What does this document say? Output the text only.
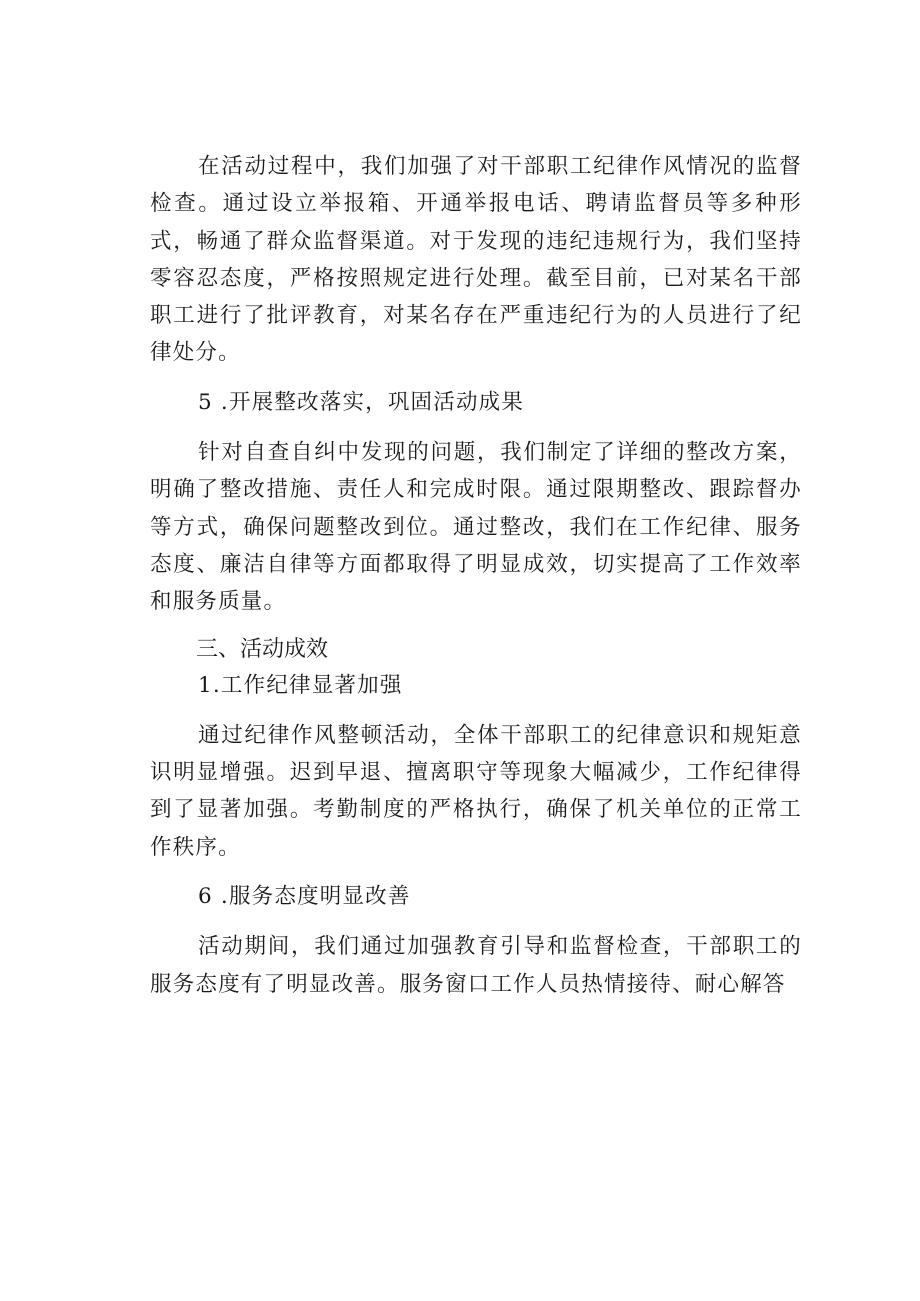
在活动过程中，我们加强了对干部职工纪律作风情况的监督检查。通过设立举报箱、开通举报电话、聘请监督员等多种形式，畅通了群众监督渠道。对于发现的违纪违规行为，我们坚持零容忍态度，严格按照规定进行处理。截至目前，已对某名干部职工进行了批评教育，对某名存在严重违纪行为的人员进行了纪律处分。

5 .开展整改落实，巩固活动成果

针对自查自纠中发现的问题，我们制定了详细的整改方案，明确了整改措施、责任人和完成时限。通过限期整改、跟踪督办等方式，确保问题整改到位。通过整改，我们在工作纪律、服务态度、廉洁自律等方面都取得了明显成效，切实提高了工作效率和服务质量。

三、活动成效

1.工作纪律显著加强

通过纪律作风整顿活动，全体干部职工的纪律意识和规矩意识明显增强。迟到早退、擅离职守等现象大幅减少，工作纪律得到了显著加强。考勤制度的严格执行，确保了机关单位的正常工作秩序。

6 .服务态度明显改善

活动期间，我们通过加强教育引导和监督检查，干部职工的服务态度有了明显改善。服务窗口工作人员热情接待、耐心解答
